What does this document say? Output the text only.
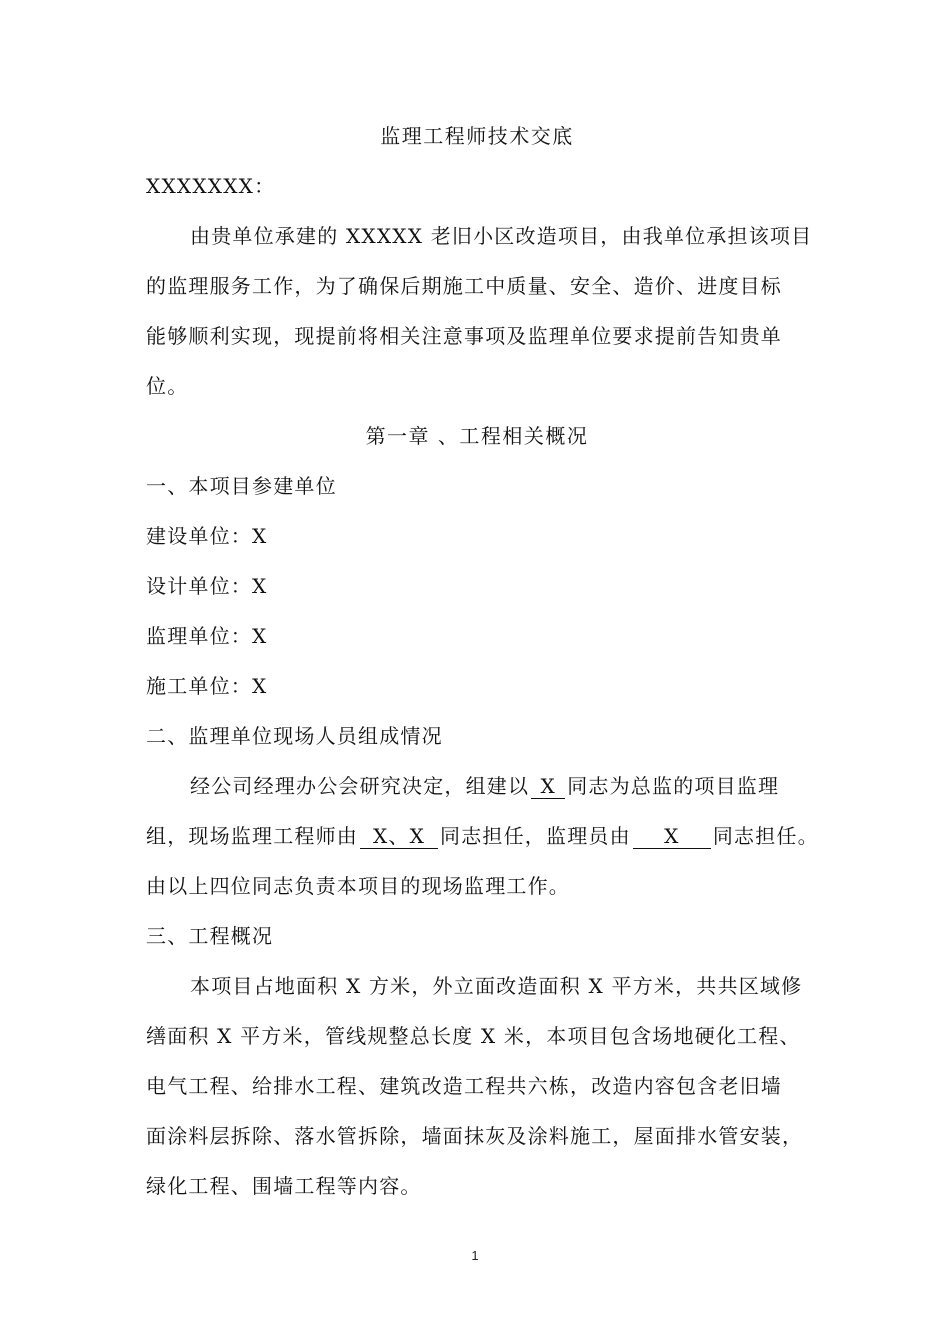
监理工程师技术交底
XXXXXXX：
由贵单位承建的 XXXXX 老旧小区改造项目，由我单位承担该项目
的监理服务工作，为了确保后期施工中质量、安全、造价、进度目标
能够顺利实现，现提前将相关注意事项及监理单位要求提前告知贵单
位。
第一章 、工程相关概况
一、本项目参建单位
建设单位：X
设计单位：X
监理单位：X
施工单位：X
二、监理单位现场人员组成情况
经公司经理办公会研究决定，组建以 X 同志为总监的项目监理
组，现场监理工程师由 X、X 同志担任，监理员由 X 同志担任。
由以上四位同志负责本项目的现场监理工作。
三、工程概况
本项目占地面积 X 方米，外立面改造面积 X 平方米，共共区域修
缮面积 X 平方米，管线规整总长度 X 米，本项目包含场地硬化工程、
电气工程、给排水工程、建筑改造工程共六栋，改造内容包含老旧墙
面涂料层拆除、落水管拆除，墙面抹灰及涂料施工，屋面排水管安装，
绿化工程、围墙工程等内容。
1
